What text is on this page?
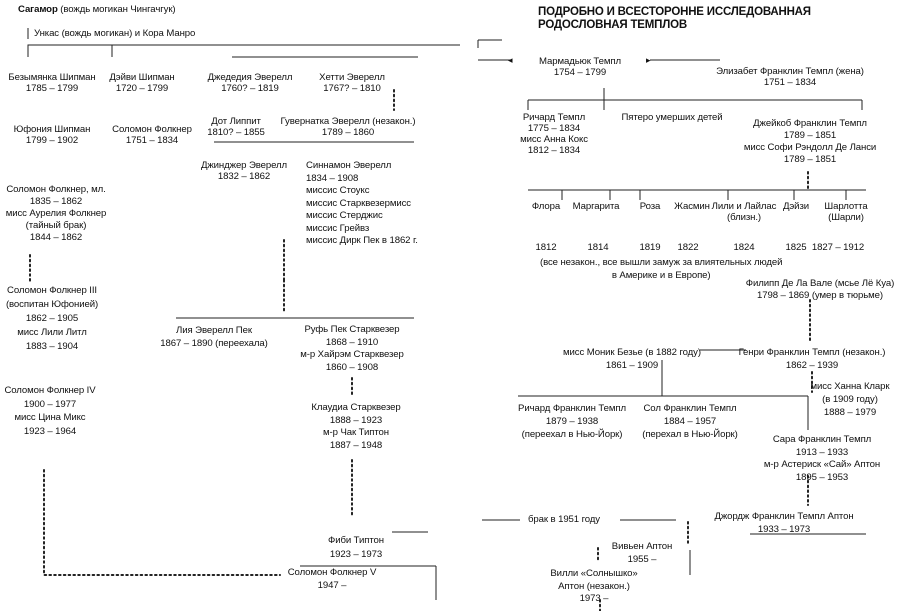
Сагамор (вождь могикан Чингачгук)
Ункас (вождь могикан) и Кора Манро
Безымянка Шипман
1785 – 1799
Дэйви Шипман
1720 – 1799
Джедедия Эверелл
1760? – 1819
Хетти Эверелл
1767? – 1810
Дот Липпит
1810? – 1855
Гувернатка Эверелл (незакон.)
1789 – 1860
Юфония Шипман
1799 – 1902
Соломон Фолкнер
1751 – 1834
Джинджер Эверелл
1832 – 1862
Синнамон Эверелл
1834 – 1908
миссис Стоукс
миссис Старквезермисс
миссис Стерджис
миссис Грейвз
миссис Дирк Пек в 1862 г.
Соломон Фолкнер, мл.
1835 – 1862
мисс Аурелия Фолкнер
(тайный брак)
1844 – 1862
Соломон Фолкнер III
(воспитан Юфонией)
1862 – 1905
мисс Лили Литл
1883 – 1904
Соломон Фолкнер IV
1900 – 1977
мисс Цина Микс
1923 – 1964
Лия Эверелл Пек
1867 – 1890 (переехала)
Руфь Пек Старквезер
1868 – 1910
м-р Хайрэм Старквезер
1860 – 1908
Клаудиа Старквезер
1888 – 1923
м-р Чак Типтон
1887 – 1948
Фиби Типтон
1923 – 1973
Соломон Фолкнер V
1947 –
ПОДРОБНО И ВСЕСТОРОННЕ ИССЛЕДОВАННАЯ
РОДОСЛОВНАЯ ТЕМПЛОВ
Мармадьюк Темпл
1754 – 1799	Элизабет Франклин Темпл (жена)
1751 – 1834
Ричард Темпл
1775 – 1834
мисс Анна Кокс
1812 – 1834
Пятеро умерших детей
Джейкоб Франклин Темпл
1789 – 1851
мисс Софи Рэндолл Де Ланси
1789 – 1851
Флора Маргарита Роза Жасмин Лили и Лайлас
(близн.)
Дэйзи Шарлотта
(Шарли)
1812	1814	1819 1822	1824	1825 1827 – 1912
(все незакон., все вышли замуж за влиятельных людей
в Америке и в Европе)
Филипп Де Ла Вале (мсье Лё Куа)
1798 – 1869 (умер в тюрьме)
мисс Моник Безье (в 1882 году)
1861 – 1909
Генри Франклин Темпл (незакон.)
1862 – 1939
мисс Ханна Кларк
(в 1909 году)
1888 – 1979
Ричард Франклин Темпл
1879 – 1938
(переехал в Нью-Йорк)
Сол Франклин Темпл
1884 – 1957
(перехал в Нью-Йорк)	Сара Франклин Темпл
1913 – 1933
м-р Астериск «Сай» Аптон
1895 – 1953
брак в 1951 году	Джордж Франклин Темпл Аптон
1933 – 1973
Вивьен Аптон
1955 –
Вилли «Солнышко»
Аптон (незакон.)
1973 –
◂	▸
